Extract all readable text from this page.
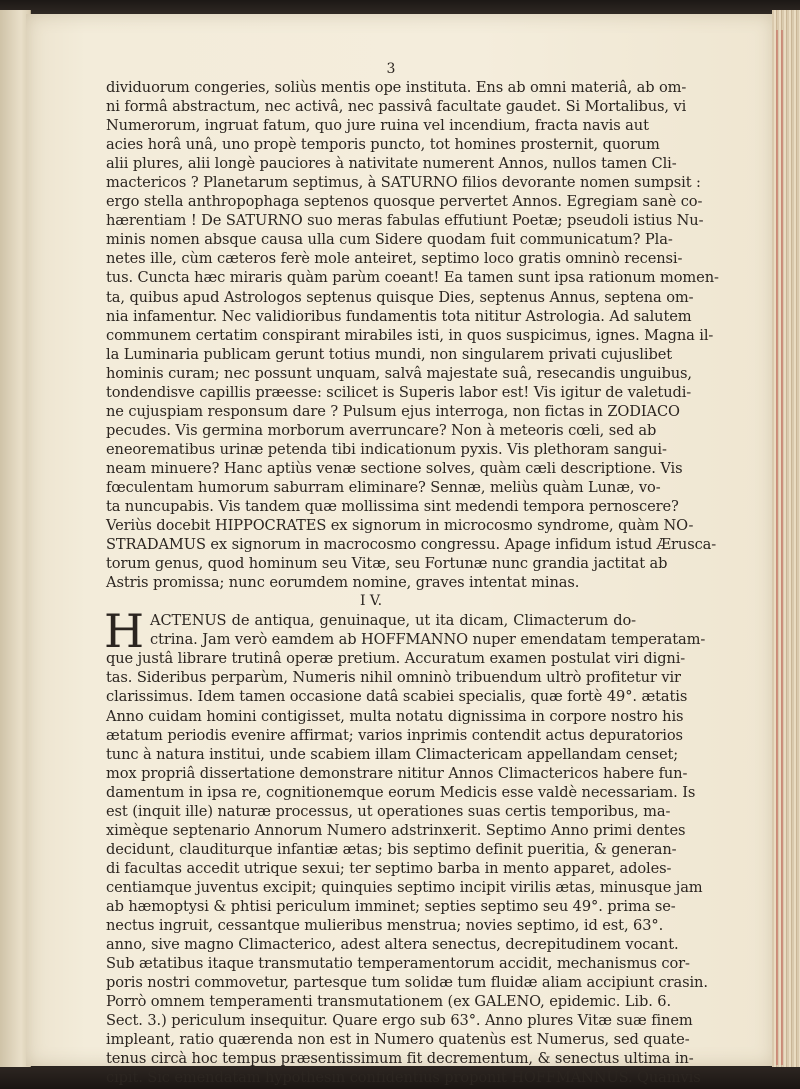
3
dividuorum congeries, soliùs mentis ope instituta. Ens ab omni materiâ, ab om-
ni formâ abstractum, nec activâ, nec passivâ facultate gaudet. Si Mortalibus, vi
Numerorum, ingruat fatum, quo jure ruina vel incendium, fracta navis aut
acies horâ unâ, uno propè temporis puncto, tot homines prosternit, quorum
alii plures, alii longè pauciores à nativitate numerent Annos, nullos tamen Cli-
mactericos ? Planetarum septimus, à SATURNO filios devorante nomen sumpsit :
ergo stella anthropophaga septenos quosque pervertet Annos. Egregiam sanè co-
hærentiam ! De SATURNO suo meras fabulas effutiunt Poetæ; pseudoli istius Nu-
minis nomen absque causa ulla cum Sidere quodam fuit communicatum? Pla-
netes ille, cùm cæteros ferè mole anteiret, septimo loco gratis omninò recensi-
tus. Cuncta hæc miraris quàm parùm coeant! Ea tamen sunt ipsa rationum momen-
ta, quibus apud Astrologos septenus quisque Dies, septenus Annus, septena om-
nia infamentur. Nec validioribus fundamentis tota nititur Astrologia. Ad salutem
communem certatim conspirant mirabiles isti, in quos suspicimus, ignes. Magna il-
la Luminaria publicam gerunt totius mundi, non singularem privati cujuslibet
hominis curam; nec possunt unquam, salvâ majestate suâ, resecandis unguibus,
tondendisve capillis præesse: scilicet is Superis labor est! Vis igitur de valetudi-
ne cujuspiam responsum dare ? Pulsum ejus interroga, non fictas in ZODIACO
pecudes. Vis germina morborum averruncare? Non à meteoris cœli, sed ab
eneorematibus urinæ petenda tibi indicationum pyxis. Vis plethoram sangui-
neam minuere? Hanc aptiùs venæ sectione solves, quàm cæli descriptione. Vis
fœculentam humorum saburram eliminare? Sennæ, meliùs quàm Lunæ, vo-
ta nuncupabis. Vis tandem quæ mollissima sint medendi tempora pernoscere?
Veriùs docebit HIPPOCRATES ex signorum in microcosmo syndrome, quàm NO-
STRADAMUS ex signorum in macrocosmo congressu. Apage infidum istud Ærusca-
torum genus, quod hominum seu Vitæ, seu Fortunæ nunc grandia jactitat ab
Astris promissa; nunc eorumdem nomine, graves intentat minas.
I V.
H ACTENUS de antiqua, genuinaque, ut ita dicam, Climacterum do-
ctrina. Jam verò eamdem ab HOFFMANNO nuper emendatam temperatam-
que justâ librare trutinâ operæ pretium. Accuratum examen postulat viri digni-
tas. Sideribus perparùm, Numeris nihil omninò tribuendum ultrò profitetur vir
clarissimus. Idem tamen occasione datâ scabiei specialis, quæ fortè 49°. ætatis
Anno cuidam homini contigisset, multa notatu dignissima in corpore nostro his
ætatum periodis evenire affirmat; varios inprimis contendit actus depuratorios
tunc à natura institui, unde scabiem illam Climactericam appellandam censet;
mox propriâ dissertatione demonstrare nititur Annos Climactericos habere fun-
damentum in ipsa re, cognitionemque eorum Medicis esse valdè necessariam. Is
est (inquit ille) naturæ processus, ut operationes suas certis temporibus, ma-
ximèque septenario Annorum Numero adstrinxerit. Septimo Anno primi dentes
decidunt, clauditurque infantiæ ætas; bis septimo definit pueritia, & generan-
di facultas accedit utrique sexui; ter septimo barba in mento apparet, adoles-
centiamque juventus excipit; quinquies septimo incipit virilis ætas, minusque jam
ab hæmoptysi & phtisi periculum imminet; septies septimo seu 49°. prima se-
nectus ingruit, cessantque mulieribus menstrua; novies septimo, id est, 63°.
anno, sive magno Climacterico, adest altera senectus, decrepitudinem vocant.
Sub ætatibus itaque transmutatio temperamentorum accidit, mechanismus cor-
poris nostri commovetur, partesque tum solidæ tum fluidæ aliam accipiunt crasin.
Porrò omnem temperamenti transmutationem (ex GALENO, epidemic. Lib. 6.
Sect. 3.) periculum insequitur. Quare ergo sub 63°. Anno plures Vitæ suæ finem
impleant, ratio quærenda non est in Numero quatenùs est Numerus, sed quate-
tenus circà hoc tempus præsentissimum fit decrementum, & senectus ultima in-
cipit. Sic emendatam hypothesin confidentiùs proponit HOFFMANNUS. Quamvis
